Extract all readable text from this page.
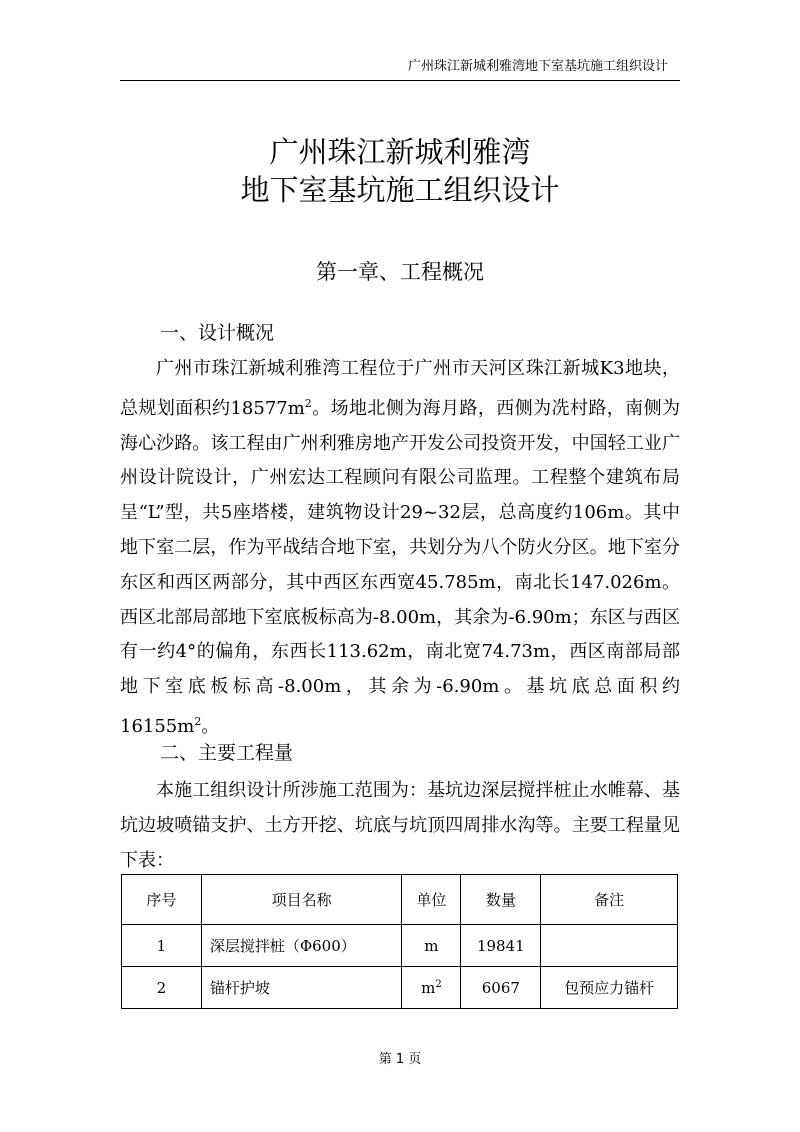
广州珠江新城利雅湾地下室基坑施工组织设计
广州珠江新城利雅湾
地下室基坑施工组织设计
第一章、工程概况
一、设计概况
广州市珠江新城利雅湾工程位于广州市天河区珠江新城K3地块，总规划面积约$18577m^2$。场地北侧为海月路，西侧为冼村路，南侧为海心沙路。该工程由广州利雅房地产开发公司投资开发，中国轻工业广州设计院设计，广州宏达工程顾问有限公司监理。工程整个建筑布局呈“L”型，共5座塔楼，建筑物设计29~32层，总高度约106m。其中地下室二层，作为平战结合地下室，共划分为八个防火分区。地下室分东区和西区两部分，其中西区东西宽45.785m，南北长147.026m。西区北部局部地下室底板标高为-8.00m，其余为-6.90m；东区与西区有一约4°的偏角，东西长113.62m，南北宽74.73m，西区南部局部地下室底板标高-8.00m，其余为-6.90m。基坑底总面积约$16155m^2$。
二、主要工程量
本施工组织设计所涉施工范围为：基坑边深层搅拌桩止水帷幕、基坑边坡喷锚支护、土方开挖、坑底与坑顶四周排水沟等。主要工程量见下表：
序号	项目名称	单位	数量	备注
1	深层搅拌桩（Φ600）	m	19841	
2	锚杆护坡	$m^2$	6067	包预应力锚杆
第 1 页
